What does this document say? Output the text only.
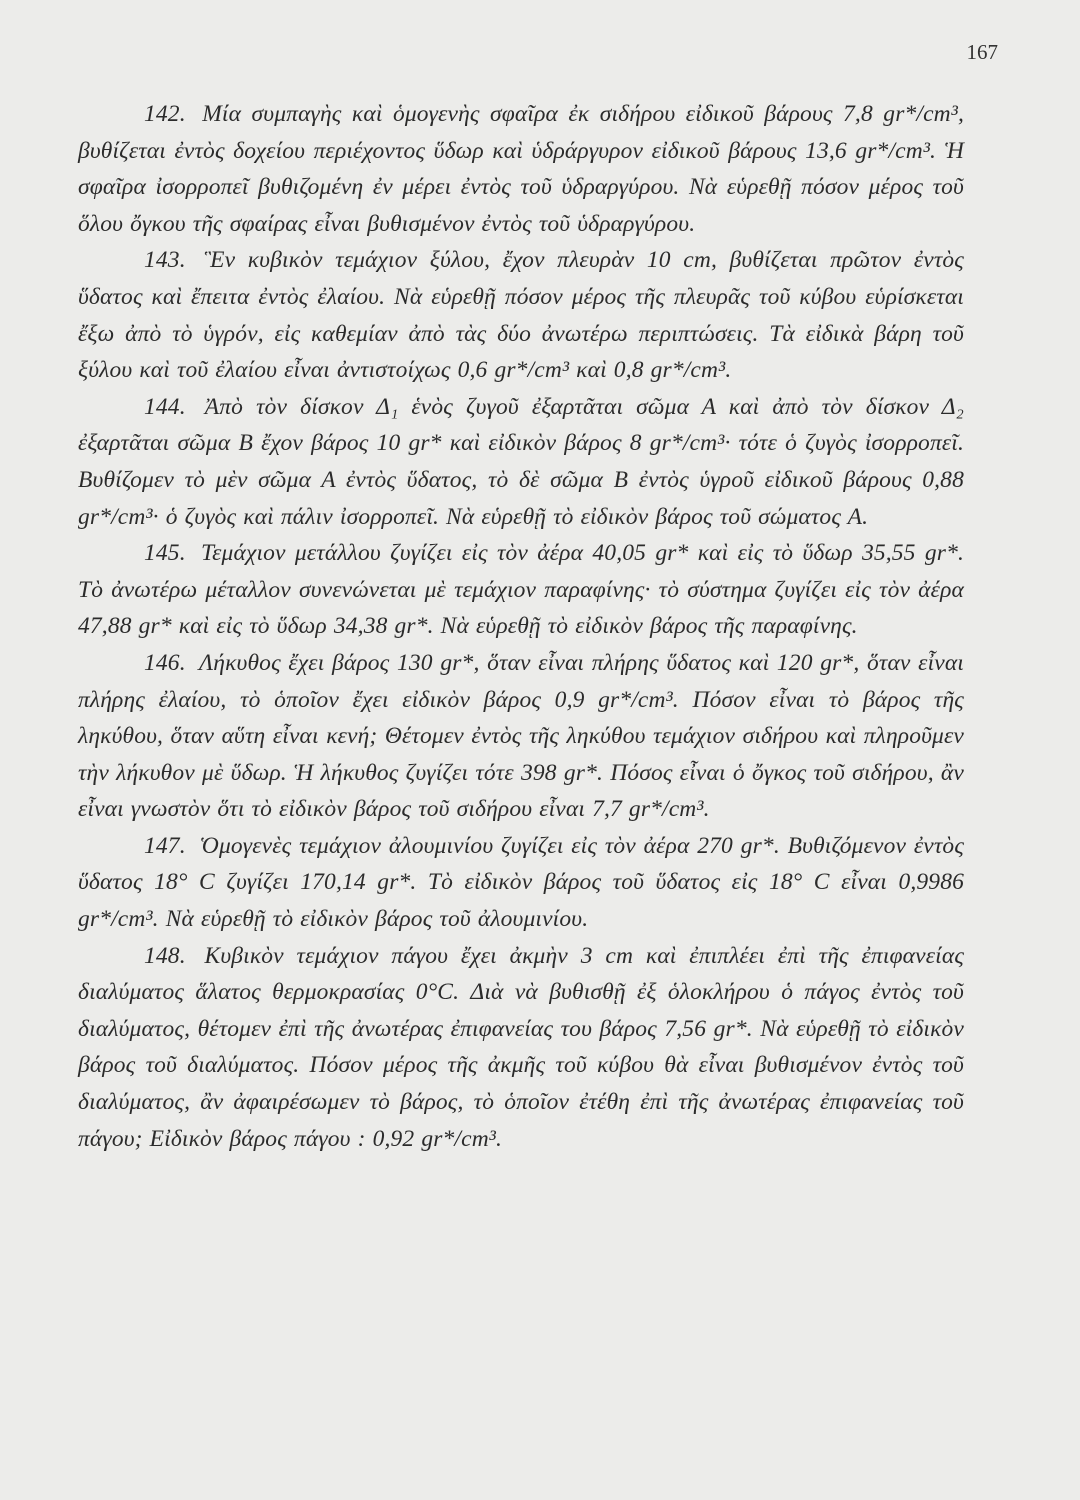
167

142. Μία συμπαγὴς καὶ ὁμογενὴς σφαῖρα ἐκ σιδήρου εἰδικοῦ βάρους 7,8 gr*/cm³, βυθίζεται ἐντὸς δοχείου περιέχοντος ὕδωρ καὶ ὑδράργυρον εἰδικοῦ βάρους 13,6 gr*/cm³. Ἡ σφαῖρα ἰσορροπεῖ βυθιζομένη ἐν μέρει ἐντὸς τοῦ ὑδραργύρου. Νὰ εὑρεθῇ πόσον μέρος τοῦ ὅλου ὄγκου τῆς σφαίρας εἶναι βυθισμένον ἐντὸς τοῦ ὑδραργύρου.

143. Ἓν κυβικὸν τεμάχιον ξύλου, ἔχον πλευρὰν 10 cm, βυθίζεται πρῶτον ἐντὸς ὕδατος καὶ ἔπειτα ἐντὸς ἐλαίου. Νὰ εὑρεθῇ πόσον μέρος τῆς πλευρᾶς τοῦ κύβου εὑρίσκεται ἔξω ἀπὸ τὸ ὑγρόν, εἰς καθεμίαν ἀπὸ τὰς δύο ἀνωτέρω περιπτώσεις. Τὰ εἰδικὰ βάρη τοῦ ξύλου καὶ τοῦ ἐλαίου εἶναι ἀντιστοίχως 0,6 gr*/cm³ καὶ 0,8 gr*/cm³.

144. Ἀπὸ τὸν δίσκον Δ₁ ἑνὸς ζυγοῦ ἐξαρτᾶται σῶμα Α καὶ ἀπὸ τὸν δίσκον Δ₂ ἐξαρτᾶται σῶμα Β ἔχον βάρος 10 gr* καὶ εἰδικὸν βάρος 8 gr*/cm³· τότε ὁ ζυγὸς ἰσορροπεῖ. Βυθίζομεν τὸ μὲν σῶμα Α ἐντὸς ὕδατος, τὸ δὲ σῶμα Β ἐντὸς ὑγροῦ εἰδικοῦ βάρους 0,88 gr*/cm³· ὁ ζυγὸς καὶ πάλιν ἰσορροπεῖ. Νὰ εὑρεθῇ τὸ εἰδικὸν βάρος τοῦ σώματος Α.

145. Τεμάχιον μετάλλου ζυγίζει εἰς τὸν ἀέρα 40,05 gr* καὶ εἰς τὸ ὕδωρ 35,55 gr*. Τὸ ἀνωτέρω μέταλλον συνενώνεται μὲ τεμάχιον παραφίνης· τὸ σύστημα ζυγίζει εἰς τὸν ἀέρα 47,88 gr* καὶ εἰς τὸ ὕδωρ 34,38 gr*. Νὰ εὑρεθῇ τὸ εἰδικὸν βάρος τῆς παραφίνης.

146. Λήκυθος ἔχει βάρος 130 gr*, ὅταν εἶναι πλήρης ὕδατος καὶ 120 gr*, ὅταν εἶναι πλήρης ἐλαίου, τὸ ὁποῖον ἔχει εἰδικὸν βάρος 0,9 gr*/cm³. Πόσον εἶναι τὸ βάρος τῆς ληκύθου, ὅταν αὕτη εἶναι κενή; Θέτομεν ἐντὸς τῆς ληκύθου τεμάχιον σιδήρου καὶ πληροῦμεν τὴν λήκυθον μὲ ὕδωρ. Ἡ λήκυθος ζυγίζει τότε 398 gr*. Πόσος εἶναι ὁ ὄγκος τοῦ σιδήρου, ἂν εἶναι γνωστὸν ὅτι τὸ εἰδικὸν βάρος τοῦ σιδήρου εἶναι 7,7 gr*/cm³.

147. Ὁμογενὲς τεμάχιον ἀλουμινίου ζυγίζει εἰς τὸν ἀέρα 270 gr*. Βυθιζόμενον ἐντὸς ὕδατος 18° C ζυγίζει 170,14 gr*. Τὸ εἰδικὸν βάρος τοῦ ὕδατος εἰς 18° C εἶναι 0,9986 gr*/cm³. Νὰ εὑρεθῇ τὸ εἰδικὸν βάρος τοῦ ἀλουμινίου.

148. Κυβικὸν τεμάχιον πάγου ἔχει ἀκμὴν 3 cm καὶ ἐπιπλέει ἐπὶ τῆς ἐπιφανείας διαλύματος ἅλατος θερμοκρασίας 0°C. Διὰ νὰ βυθισθῇ ἐξ ὁλοκλήρου ὁ πάγος ἐντὸς τοῦ διαλύματος, θέτομεν ἐπὶ τῆς ἀνωτέρας ἐπιφανείας του βάρος 7,56 gr*. Νὰ εὑρεθῇ τὸ εἰδικὸν βάρος τοῦ διαλύματος. Πόσον μέρος τῆς ἀκμῆς τοῦ κύβου θὰ εἶναι βυθισμένον ἐντὸς τοῦ διαλύματος, ἂν ἀφαιρέσωμεν τὸ βάρος, τὸ ὁποῖον ἐτέθη ἐπὶ τῆς ἀνωτέρας ἐπιφανείας τοῦ πάγου; Εἰδικὸν βάρος πάγου : 0,92 gr*/cm³.
